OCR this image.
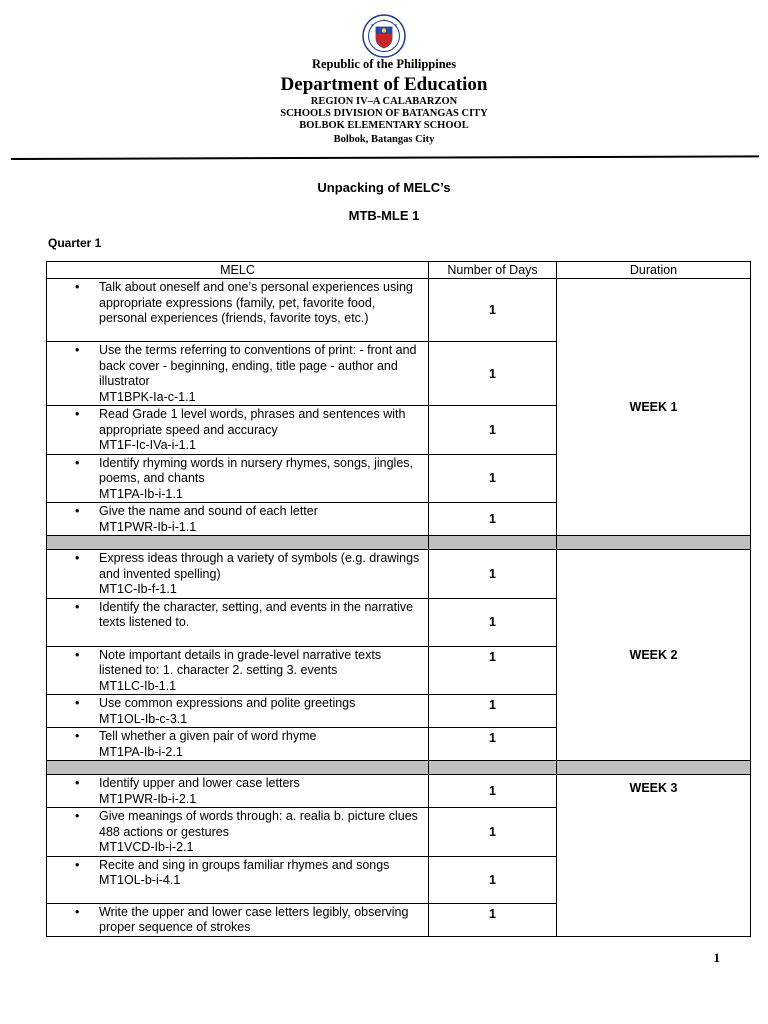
Republic of the Philippines
Department of Education
REGION IV–A CALABARZON
SCHOOLS DIVISION OF BATANGAS CITY
BOLBOK ELEMENTARY SCHOOL
Bolbok, Batangas City
Unpacking of MELC’s
MTB-MLE 1
Quarter 1
MELC	Number of Days	Duration

• Talk about oneself and one’s personal experiences using appropriate expressions (family, pet, favorite food, personal experiences (friends, favorite toys, etc.)	1	WEEK 1

• Use the terms referring to conventions of print: - front and back cover - beginning, ending, title page - author and illustrator
MT1BPK-Ia-c-1.1	1	

• Read Grade 1 level words, phrases and sentences with appropriate speed and accuracy
MT1F-Ic-IVa-i-1.1	1	

• Identify rhyming words in nursery rhymes, songs, jingles, poems, and chants
MT1PA-Ib-i-1.1	1	

• Give the name and sound of each letter
MT1PWR-Ib-i-1.1	1	

• Express ideas through a variety of symbols (e.g. drawings and invented spelling)
MT1C-Ib-f-1.1	1	WEEK 2

• Identify the character, setting, and events in the narrative texts listened to.	1	

• Note important details in grade-level narrative texts listened to: 1. character 2. setting 3. events
MT1LC-Ib-1.1	1	

• Use common expressions and polite greetings
MT1OL-Ib-c-3.1	1	

• Tell whether a given pair of word rhyme
MT1PA-Ib-i-2.1	1	

• Identify upper and lower case letters
MT1PWR-Ib-i-2.1	1	WEEK 3

• Give meanings of words through: a. realia b. picture clues 488 actions or gestures
MT1VCD-Ib-i-2.1	1	

• Recite and sing in groups familiar rhymes and songs
MT1OL-b-i-4.1	1	

• Write the upper and lower case letters legibly, observing proper sequence of strokes	1	
1
